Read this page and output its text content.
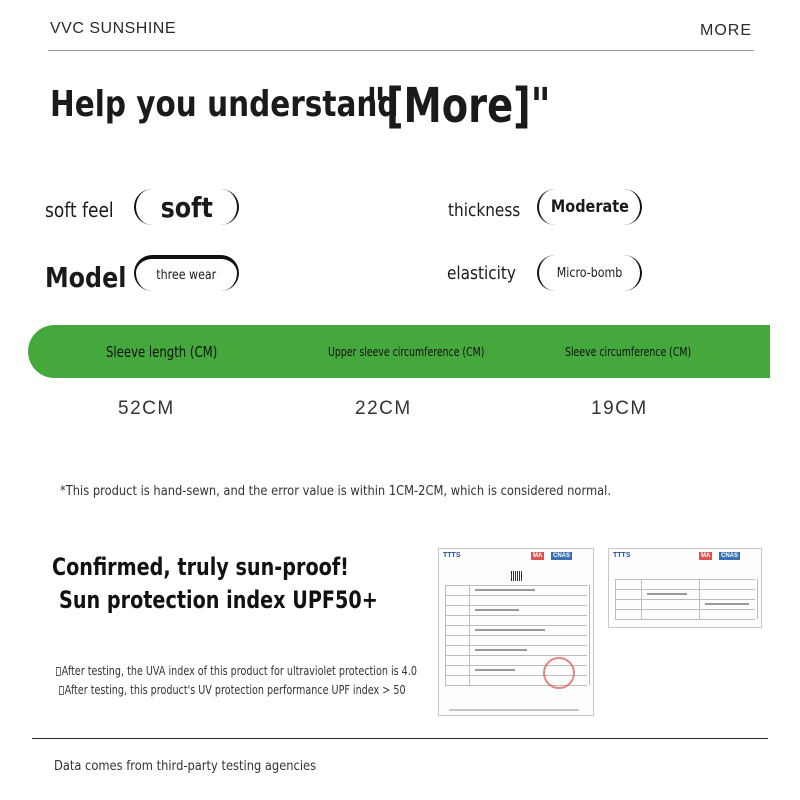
VVC SUNSHINE	MORE
Help you understand
"[More]"
soft feel soft	thickness Moderate
Model three wear	elasticity	Micro-bomb
Sleeve length (CM)	Upper sleeve circumference (CM)	Sleeve circumference (CM)
52CM	22CM	19CM
*This product is hand-sewn, and the error value is within 1CM-2CM, which is considered normal.
Confirmed, truly sun-proof!
Sun protection index UPF50+
After testing, the UVA index of this product for ultraviolet protection is 4.0
After testing, this product's UV protection performance UPF index > 50
TTTS	MA	CNAS	TTTS	MA	CNAS
Data comes from third-party testing agencies
